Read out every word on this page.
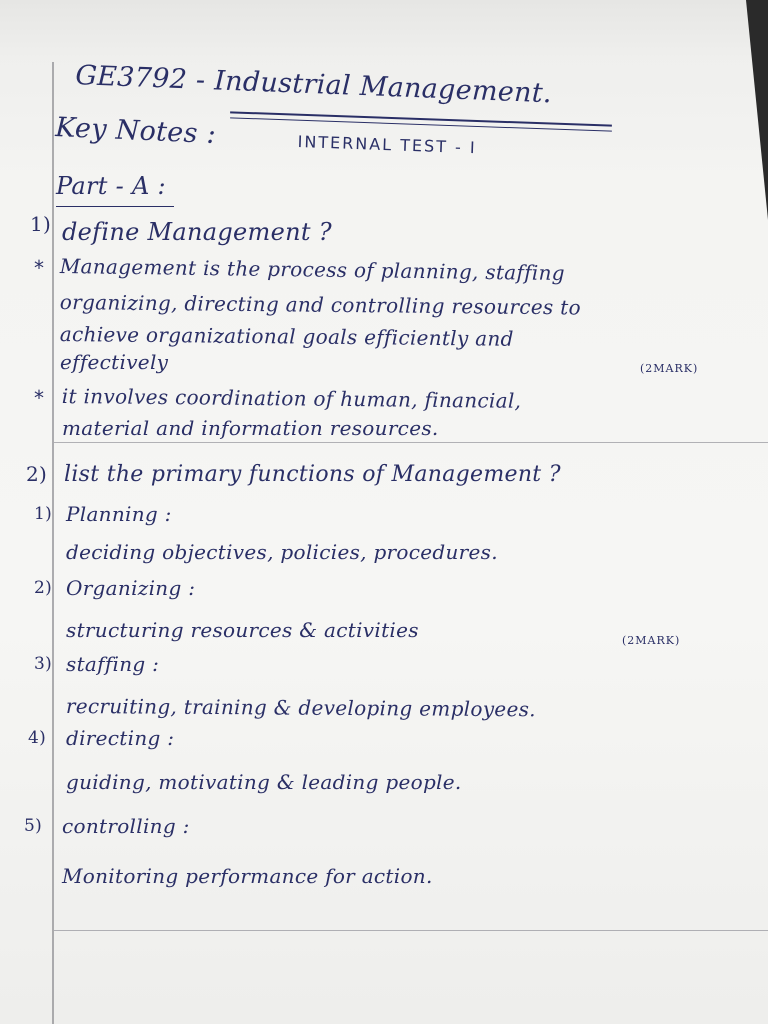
GE3792 - Industrial Management.
Key Notes :	INTERNAL TEST - I
Part - A :
1) define Management ?
* Management is the process of planning, staffing
organizing, directing and controlling resources to
achieve organizational goals efficiently and
effectively	(2MARK)
* it involves coordination of human, financial,
material and information resources.
2) list the primary functions of Management ?
1) Planning :
deciding objectives, policies, procedures.
2) Organizing :
structuring resources & activities	(2MARK)
3) staffing :
recruiting, training & developing employees.
4) directing :
guiding, motivating & leading people.
5) controlling :
Monitoring performance for action.
